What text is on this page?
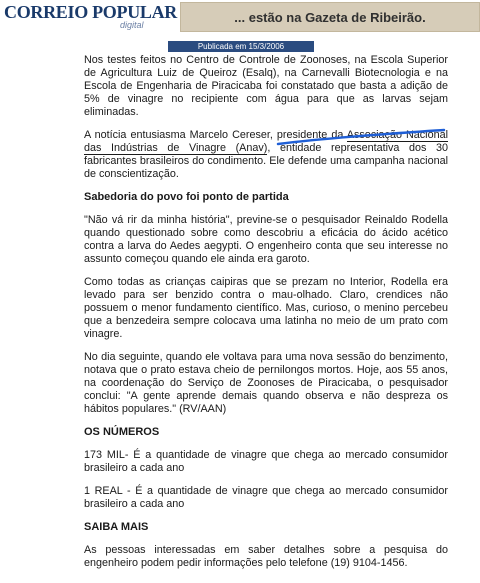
CORREIO POPULAR
digital
... estão na Gazeta de Ribeirão.
Publicada em 15/3/2006

Nos testes feitos no Centro de Controle de Zoonoses, na Escola Superior de Agricultura Luiz de Queiroz (Esalq), na Carnevalli Biotecnologia e na Escola de Engenharia de Piracicaba foi constatado que basta a adição de 5% de vinagre no recipiente com água para que as larvas sejam eliminadas.

A notícia entusiasma Marcelo Cereser, presidente da Associação Nacional das Indústrias de Vinagre (Anav), entidade representativa dos 30 fabricantes brasileiros do condimento. Ele defende uma campanha nacional de conscientização.

Sabedoria do povo foi ponto de partida

"Não vá rir da minha história", previne-se o pesquisador Reinaldo Rodella quando questionado sobre como descobriu a eficácia do ácido acético contra a larva do Aedes aegypti. O engenheiro conta que seu interesse no assunto começou quando ele ainda era garoto.

Como todas as crianças caipiras que se prezam no Interior, Rodella era levado para ser benzido contra o mau-olhado. Claro, crendices não possuem o menor fundamento científico. Mas, curioso, o menino percebeu que a benzedeira sempre colocava uma latinha no meio de um prato com vinagre.

No dia seguinte, quando ele voltava para uma nova sessão do benzimento, notava que o prato estava cheio de pernilongos mortos. Hoje, aos 55 anos, na coordenação do Serviço de Zoonoses de Piracicaba, o pesquisador conclui: "A gente aprende demais quando observa e não despreza os hábitos populares." (RV/AAN)

OS NÚMEROS

173 MIL- É a quantidade de vinagre que chega ao mercado consumidor brasileiro a cada ano

1 REAL - É a quantidade de vinagre que chega ao mercado consumidor brasileiro a cada ano

SAIBA MAIS

As pessoas interessadas em saber detalhes sobre a pesquisa do engenheiro podem pedir informações pelo telefone (19) 9104-1456.
